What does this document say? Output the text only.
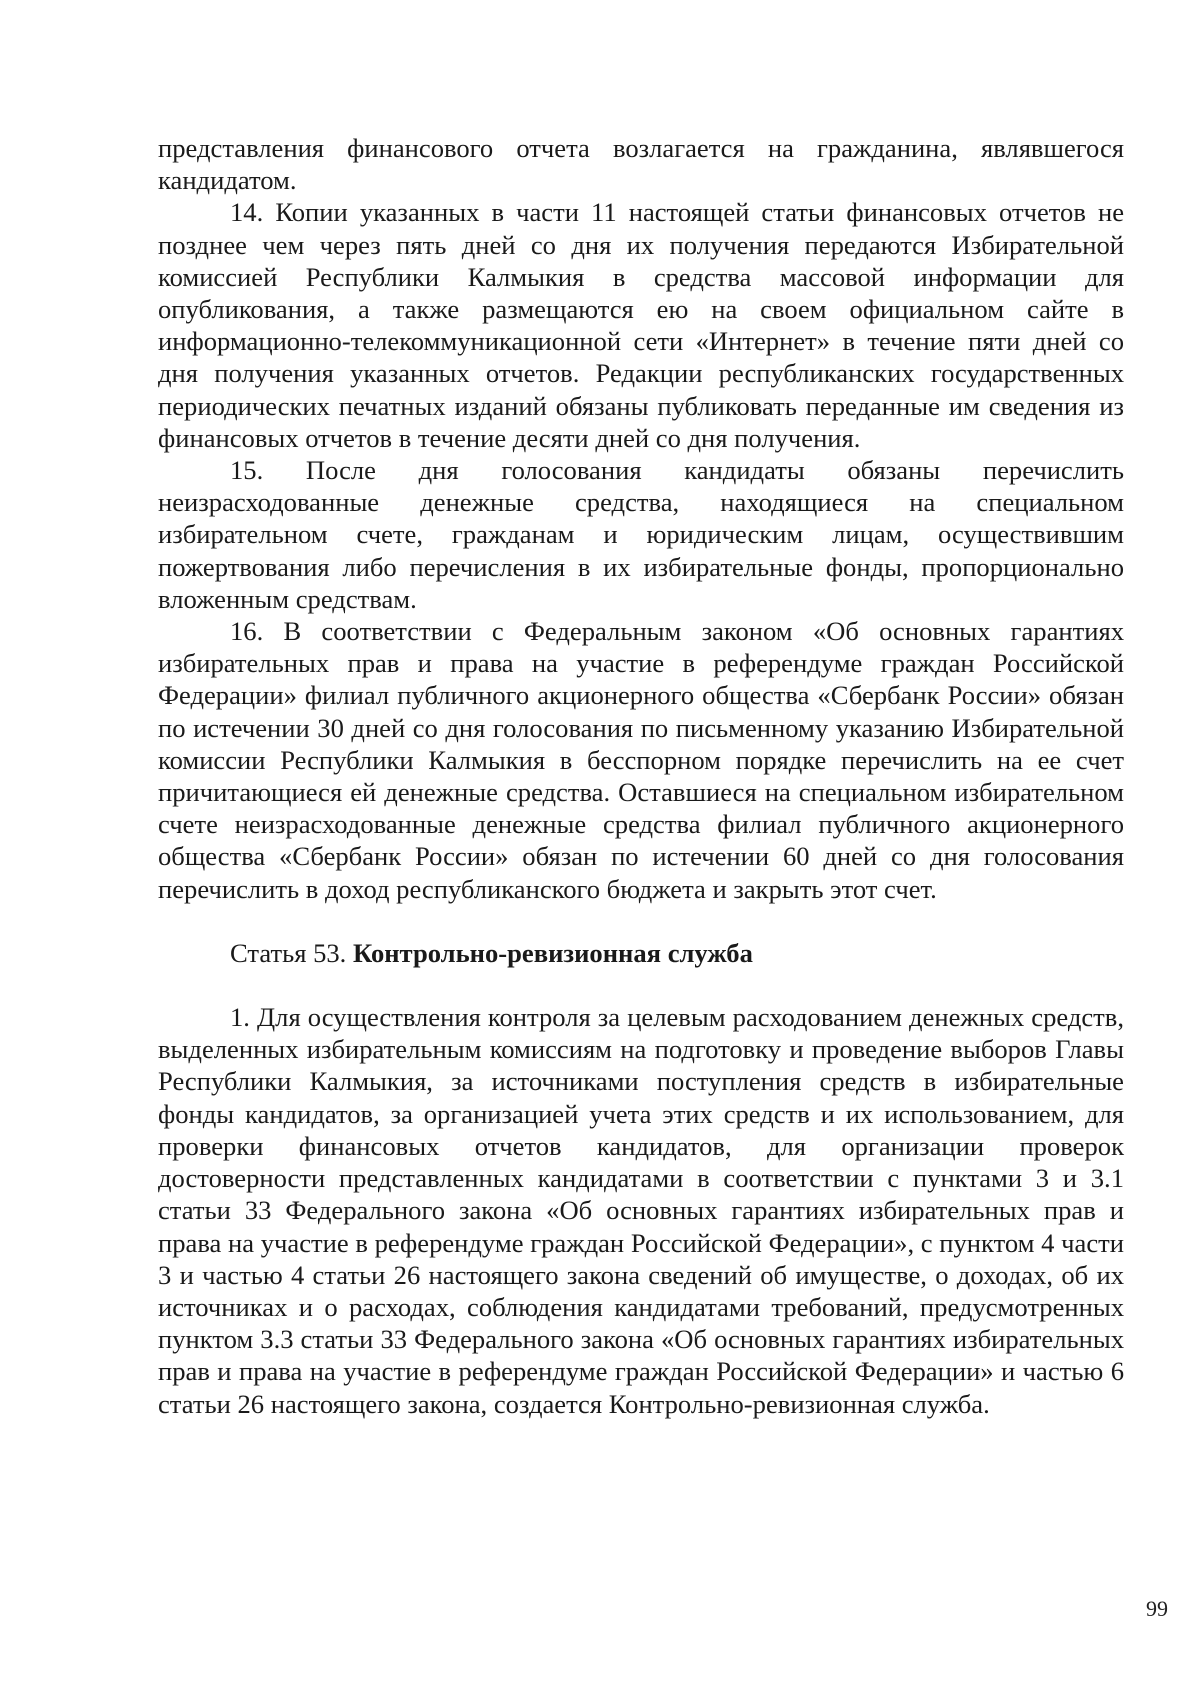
представления финансового отчета возлагается на гражданина, являвшегося кандидатом.

14. Копии указанных в части 11 настоящей статьи финансовых отчетов не позднее чем через пять дней со дня их получения передаются Избирательной комиссией Республики Калмыкия в средства массовой информации для опубликования, а также размещаются ею на своем официальном сайте в информационно-телекоммуникационной сети «Интернет» в течение пяти дней со дня получения указанных отчетов. Редакции республиканских государственных периодических печатных изданий обязаны публиковать переданные им сведения из финансовых отчетов в течение десяти дней со дня получения.

15. После дня голосования кандидаты обязаны перечислить неизрасходованные денежные средства, находящиеся на специальном избирательном счете, гражданам и юридическим лицам, осуществившим пожертвования либо перечисления в их избирательные фонды, пропорционально вложенным средствам.

16. В соответствии с Федеральным законом «Об основных гарантиях избирательных прав и права на участие в референдуме граждан Российской Федерации» филиал публичного акционерного общества «Сбербанк России» обязан по истечении 30 дней со дня голосования по письменному указанию Избирательной комиссии Республики Калмыкия в бесспорном порядке перечислить на ее счет причитающиеся ей денежные средства. Оставшиеся на специальном избирательном счете неизрасходованные денежные средства филиал публичного акционерного общества «Сбербанк России» обязан по истечении 60 дней со дня голосования перечислить в доход республиканского бюджета и закрыть этот счет.

Статья 53. Контрольно-ревизионная служба

1. Для осуществления контроля за целевым расходованием денежных средств, выделенных избирательным комиссиям на подготовку и проведение выборов Главы Республики Калмыкия, за источниками поступления средств в избирательные фонды кандидатов, за организацией учета этих средств и их использованием, для проверки финансовых отчетов кандидатов, для организации проверок достоверности представленных кандидатами в соответствии с пунктами 3 и 3.1 статьи 33 Федерального закона «Об основных гарантиях избирательных прав и права на участие в референдуме граждан Российской Федерации», с пунктом 4 части 3 и частью 4 статьи 26 настоящего закона сведений об имуществе, о доходах, об их источниках и о расходах, соблюдения кандидатами требований, предусмотренных пунктом 3.3 статьи 33 Федерального закона «Об основных гарантиях избирательных прав и права на участие в референдуме граждан Российской Федерации» и частью 6 статьи 26 настоящего закона, создается Контрольно-ревизионная служба.

99
